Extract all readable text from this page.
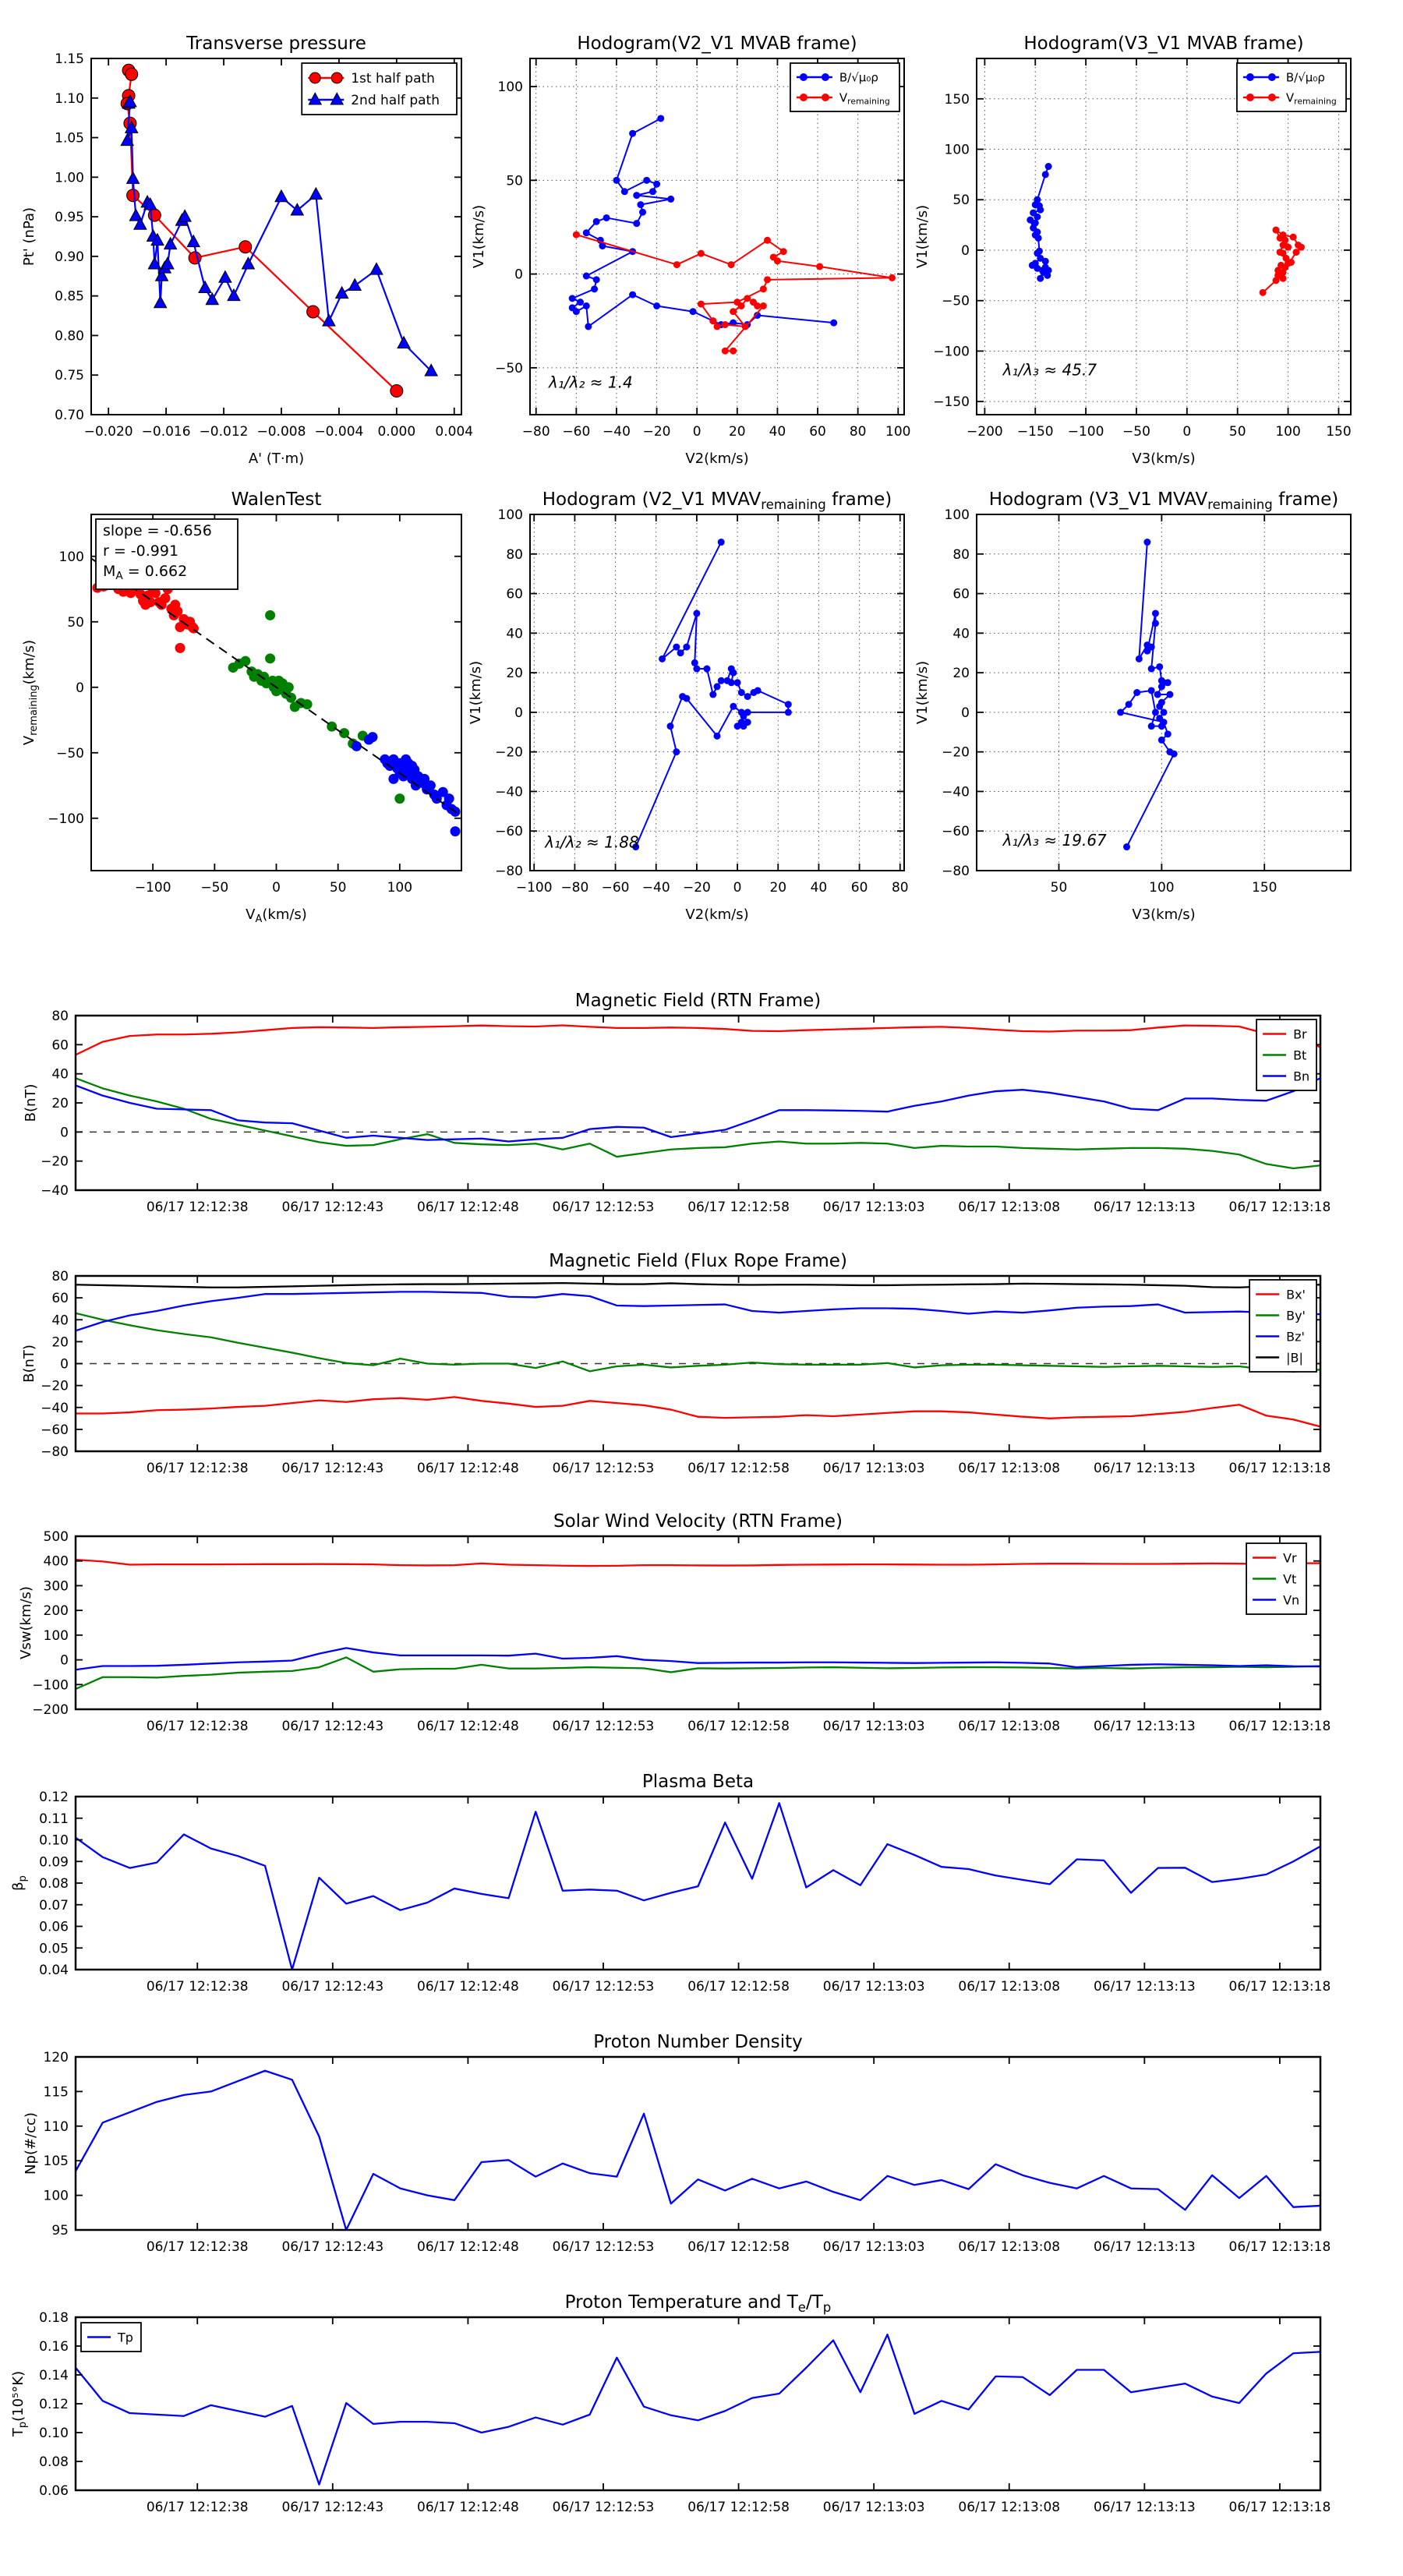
−0.020 −0.016 −0.012 −0.008 −0.004 0.000 0.004
0.70
0.75
0.80
0.85
0.90
0.95
1.00
1.05
1.10
1.15
Transverse pressure
A' (T·m)
Pt' (nPa)
1st half path
2nd half path
−80 −60 −40 −20 0 20 40 60 80 100
−50
0
50
100
Hodogram(V2_V1 MVAB frame)
V2(km/s)
V1(km/s)
λ₁/λ₂ ≈ 1.4
B/√μ₀ρ
$V_{remaining}$
−200 −150 −100 −50 0	50 100 150
−150
−100
−50
0
50
100
150
Hodogram(V3_V1 MVAB frame)
V3(km/s)
V1(km/s)
λ₁/λ₃ ≈ 45.7
B/√μ₀ρ
$V_{remaining}$
−100 −50	0	50	100
−100
−50
0
50
100
WalenTest
$V_A(km/s)$
$V_{remaining}(km/s)$
slope = -0.656
r = -0.991
$M_A = 0.662$
−100 −80 −60 −40 −20 0 20 40 60 80
−80
−60
−40
−20
0
20
40
60
80
100
Hodogram (V2_V1 $MVAV_{remaining}$ frame)
V2(km/s)
V1(km/s)
λ₁/λ₂ ≈ 1.88
50	100	150
−80
−60
−40
−20
0
20
40
60
80
100
Hodogram (V3_V1 $MVAV_{remaining}$ frame)
V3(km/s)
V1(km/s)
λ₁/λ₃ ≈ 19.67
06/17 12:12:38	06/17 12:12:43	06/17 12:12:48	06/17 12:12:53	06/17 12:12:58	06/17 12:13:03	06/17 12:13:08	06/17 12:13:13	06/17 12:13:18
80
60
40
20
0
−20
−40
Magnetic Field (RTN Frame)
B(nT)
Br
Bt
Bn
06/17 12:12:38	06/17 12:12:43	06/17 12:12:48	06/17 12:12:53	06/17 12:12:58	06/17 12:13:03	06/17 12:13:08	06/17 12:13:13	06/17 12:13:18
80
60
40
20
0
−20
−40
−60
−80
Magnetic Field (Flux Rope Frame)
B(nT)
Bx'
By'
Bz'
|B|
06/17 12:12:38	06/17 12:12:43	06/17 12:12:48	06/17 12:12:53	06/17 12:12:58	06/17 12:13:03	06/17 12:13:08	06/17 12:13:13	06/17 12:13:18
500
400
300
200
100
0
−100
−200
Solar Wind Velocity (RTN Frame)
Vsw(km/s)
Vr
Vt
Vn
06/17 12:12:38	06/17 12:12:43	06/17 12:12:48	06/17 12:12:53	06/17 12:12:58	06/17 12:13:03	06/17 12:13:08	06/17 12:13:13	06/17 12:13:18
0.12
0.11
0.10
0.09
0.08
0.07
0.06
0.05
0.04
Plasma Beta
$\beta_p$
06/17 12:12:38	06/17 12:12:43	06/17 12:12:48	06/17 12:12:53	06/17 12:12:58	06/17 12:13:03	06/17 12:13:08	06/17 12:13:13	06/17 12:13:18
120
115
110
105
100
95
Proton Number Density
Np(#/cc)
06/17 12:12:38	06/17 12:12:43	06/17 12:12:48	06/17 12:12:53	06/17 12:12:58	06/17 12:13:03	06/17 12:13:08	06/17 12:13:13	06/17 12:13:18
0.18
0.16
0.14
0.12
0.10
0.08
0.06
Proton Temperature and $T_e/T_p$
$T_p(10^5^\circ K)$
Tp
